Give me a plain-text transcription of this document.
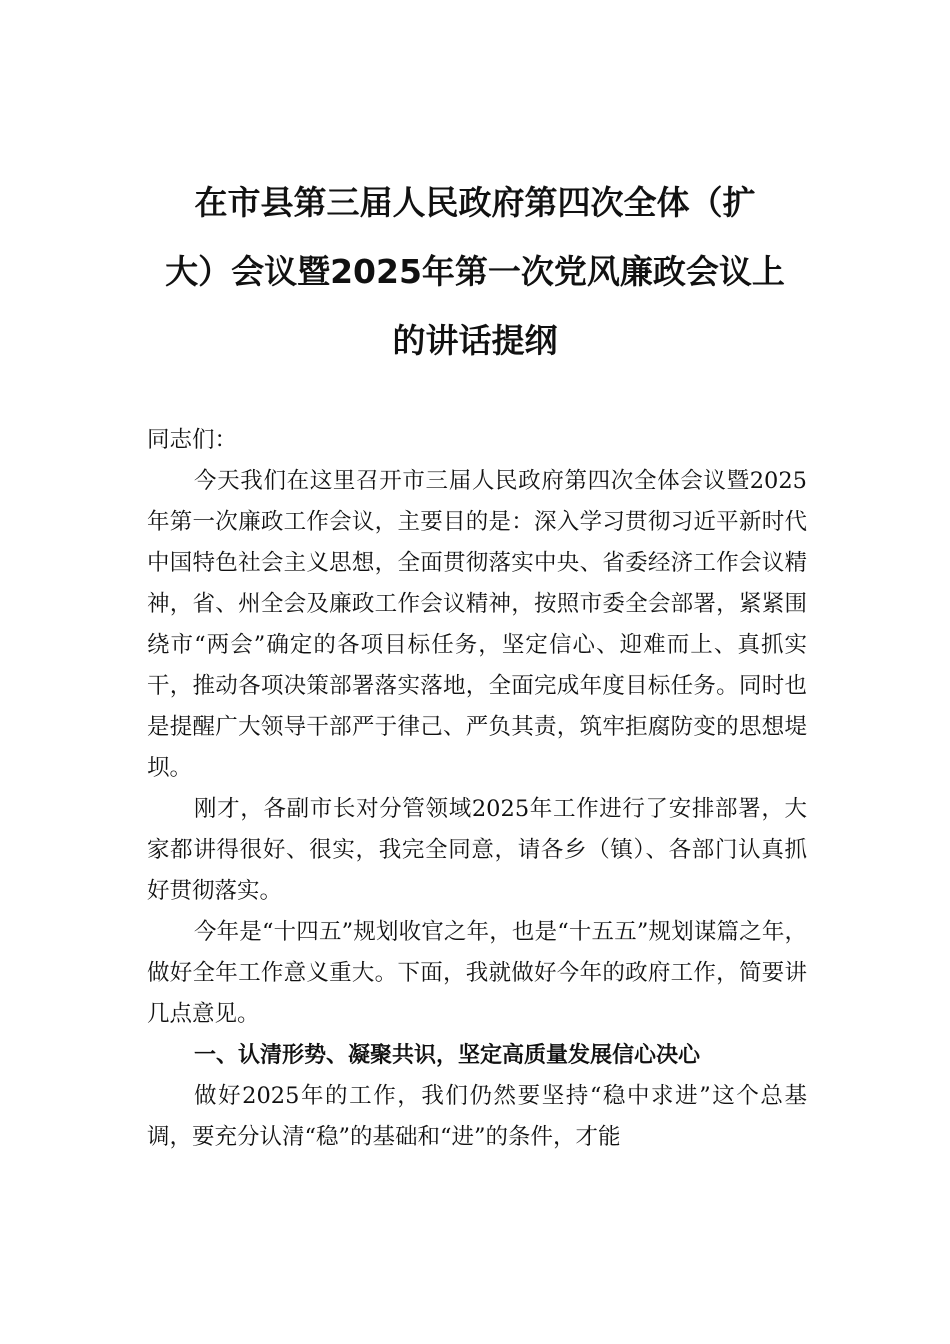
在市县第三届人民政府第四次全体（扩
大）会议暨2025年第一次党风廉政会议上
的讲话提纲

同志们：

今天我们在这里召开市三届人民政府第四次全体会议暨2025年第一次廉政工作会议，主要目的是：深入学习贯彻习近平新时代中国特色社会主义思想，全面贯彻落实中央、省委经济工作会议精神，省、州全会及廉政工作会议精神，按照市委全会部署，紧紧围绕市“两会”确定的各项目标任务，坚定信心、迎难而上、真抓实干，推动各项决策部署落实落地，全面完成年度目标任务。同时也是提醒广大领导干部严于律己、严负其责，筑牢拒腐防变的思想堤坝。

刚才，各副市长对分管领域2025年工作进行了安排部署，大家都讲得很好、很实，我完全同意，请各乡（镇）、各部门认真抓好贯彻落实。

今年是“十四五”规划收官之年，也是“十五五”规划谋篇之年，做好全年工作意义重大。下面，我就做好今年的政府工作，简要讲几点意见。

一、认清形势、凝聚共识，坚定高质量发展信心决心

做好2025年的工作，我们仍然要坚持“稳中求进”这个总基调，要充分认清“稳”的基础和“进”的条件，才能
